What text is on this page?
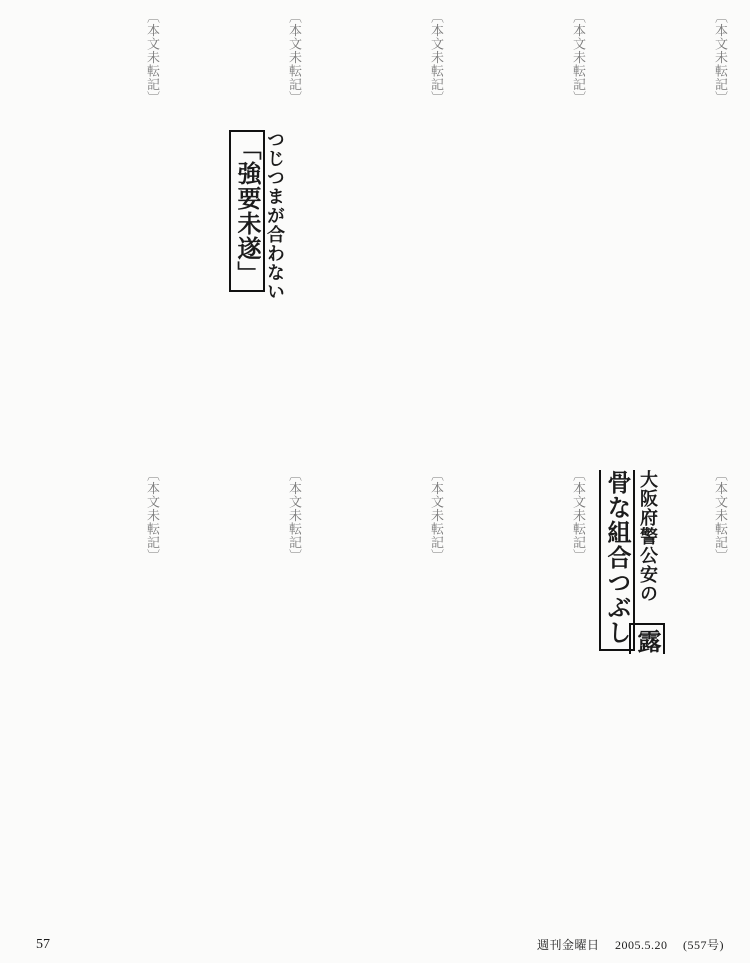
〔本文未転記〕

〔本文未転記〕

〔本文未転記〕

〔本文未転記〕

〔本文未転記〕

〔本文未転記〕

〔本文未転記〕

〔本文未転記〕

〔本文未転記〕

〔本文未転記〕

つじつまが合わない 「強要未遂」
大阪府警公安の 露骨な組合つぶし
57	週刊金曜日 2005.5.20 (557号)
